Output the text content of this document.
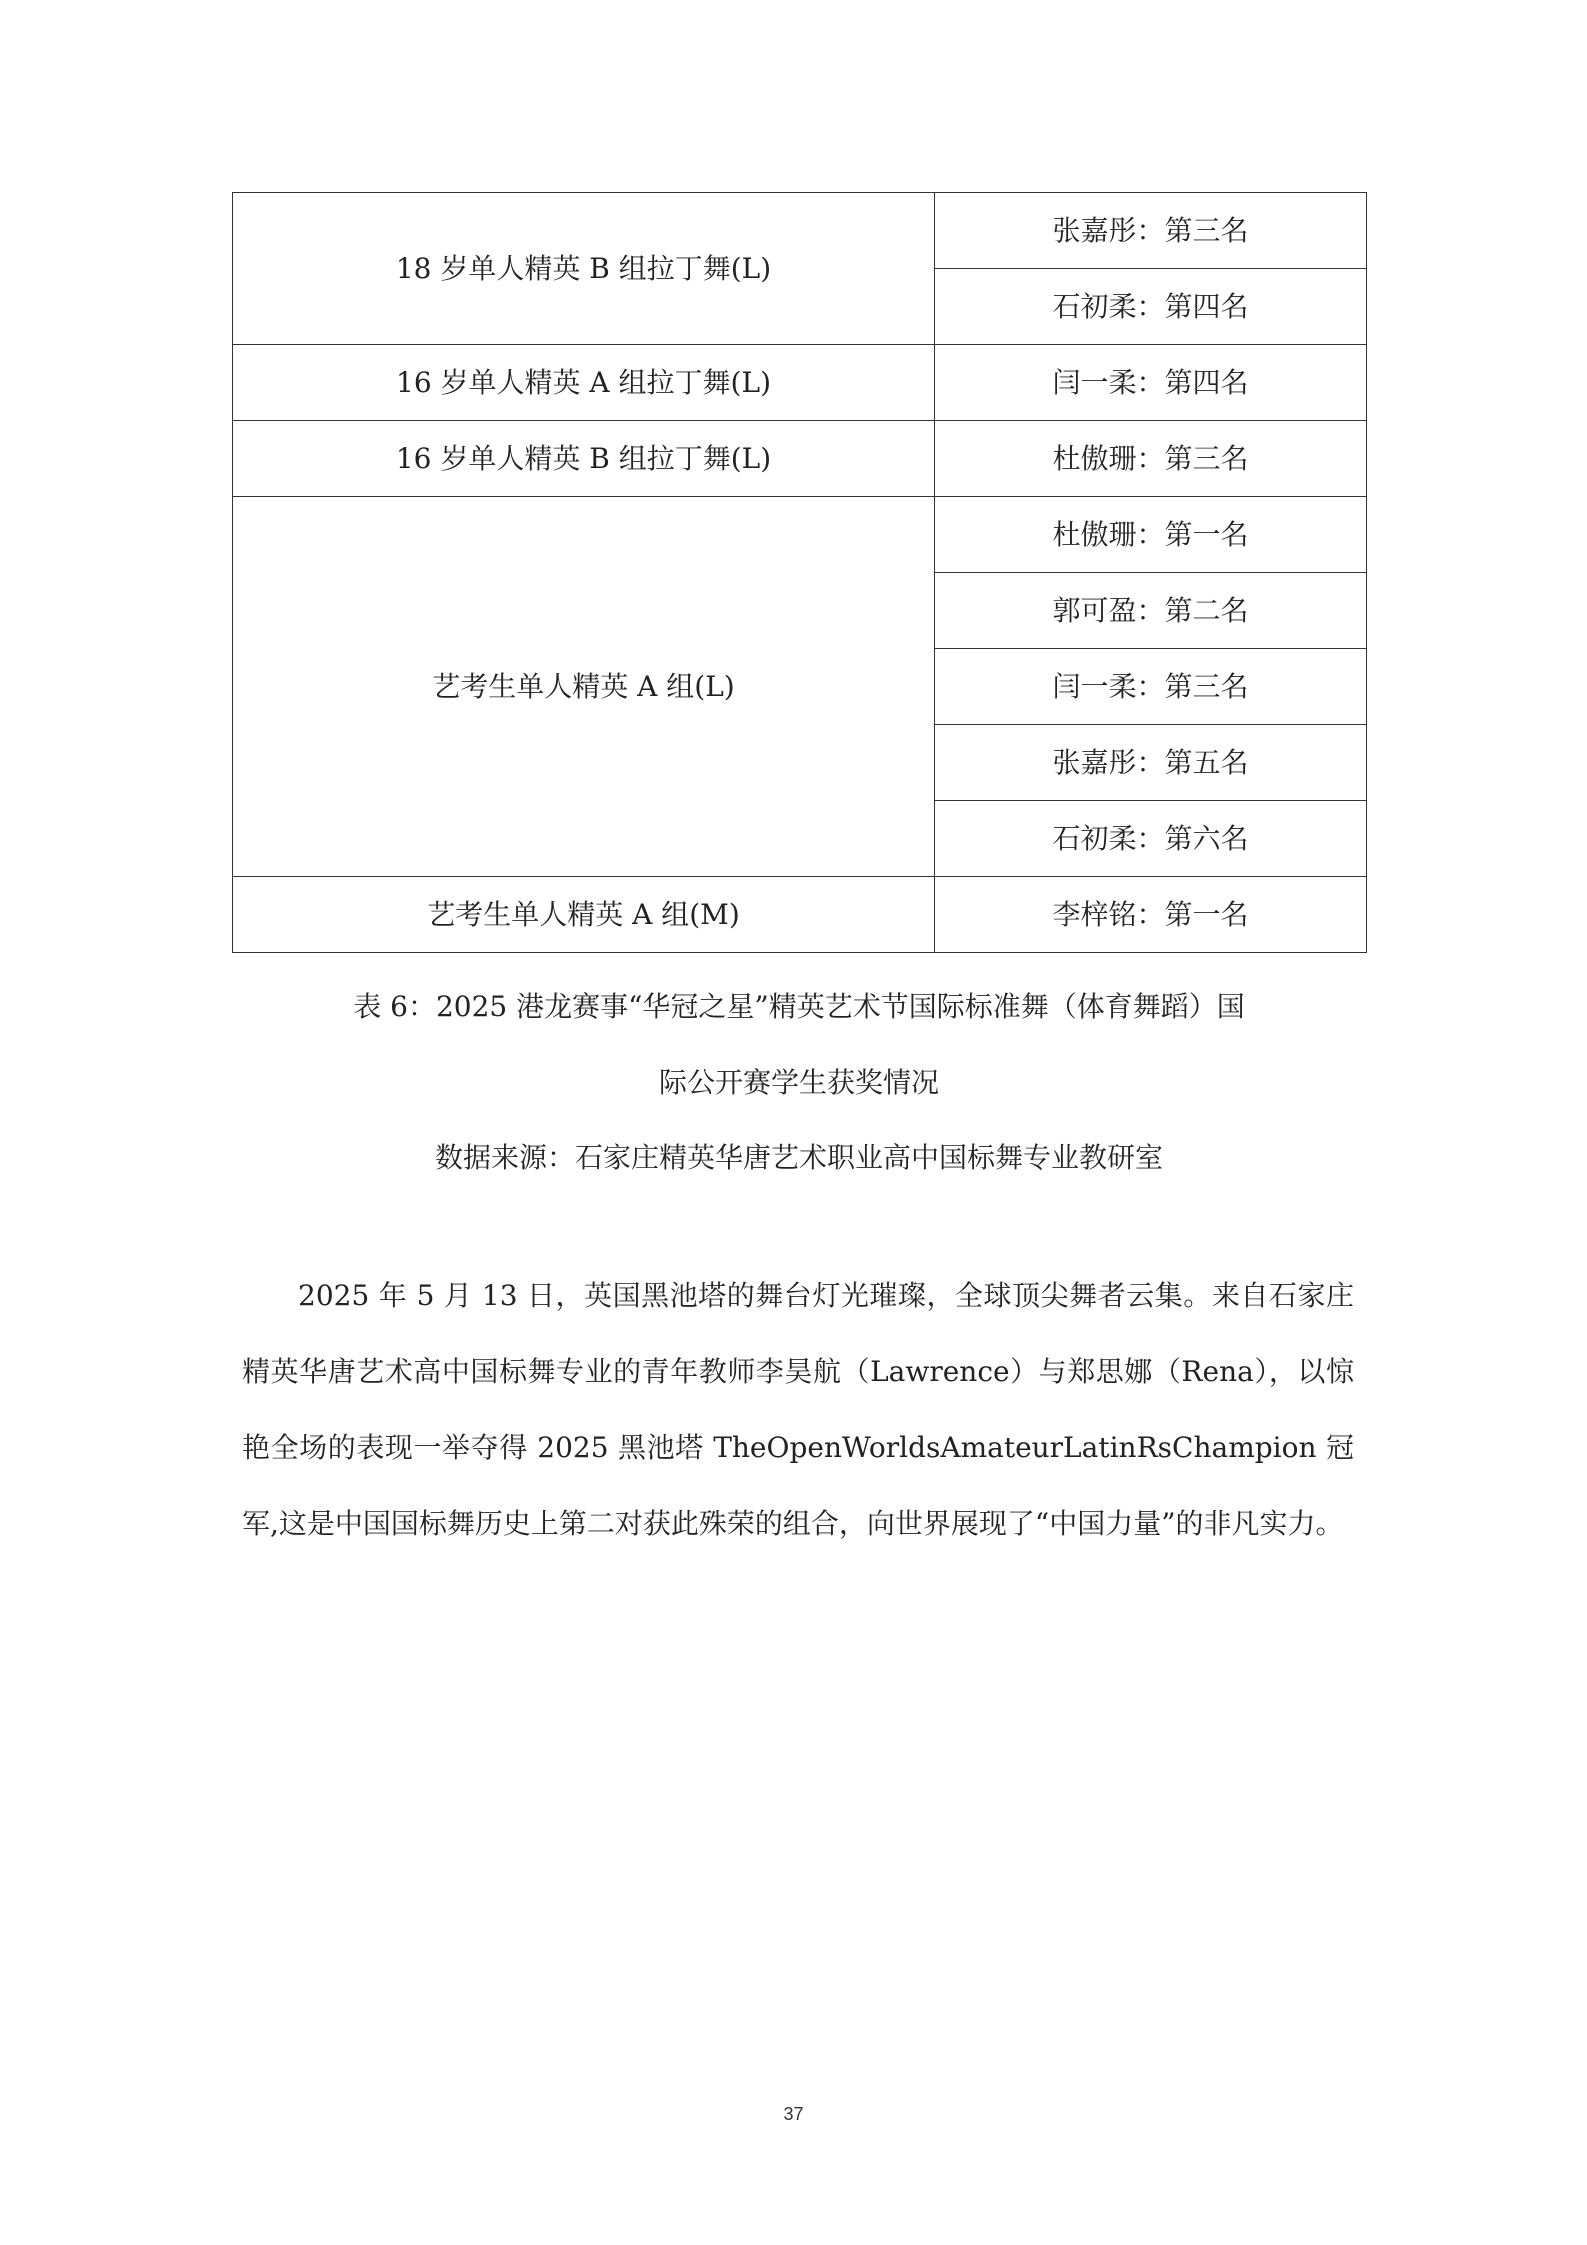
18 岁单人精英 B 组拉丁舞(L)	张嘉彤：第三名
	石初柔：第四名
16 岁单人精英 A 组拉丁舞(L)	闫一柔：第四名
16 岁单人精英 B 组拉丁舞(L)	杜傲珊：第三名
艺考生单人精英 A 组(L)	杜傲珊：第一名
	郭可盈：第二名
	闫一柔：第三名
	张嘉彤：第五名
	石初柔：第六名
艺考生单人精英 A 组(M)	李梓铭：第一名

表 6：2025 港龙赛事“华冠之星”精英艺术节国际标准舞（体育舞蹈）国

际公开赛学生获奖情况

数据来源：石家庄精英华唐艺术职业高中国标舞专业教研室

2025 年 5 月 13 日，英国黑池塔的舞台灯光璀璨，全球顶尖舞者云集。来自石家庄精英华唐艺术高中国标舞专业的青年教师李昊航（Lawrence）与郑思娜（Rena），以惊艳全场的表现一举夺得 2025 黑池塔 TheOpenWorldsAmateurLatinRsChampion 冠军,这是中国国标舞历史上第二对获此殊荣的组合，向世界展现了“中国力量”的非凡实力。

37
